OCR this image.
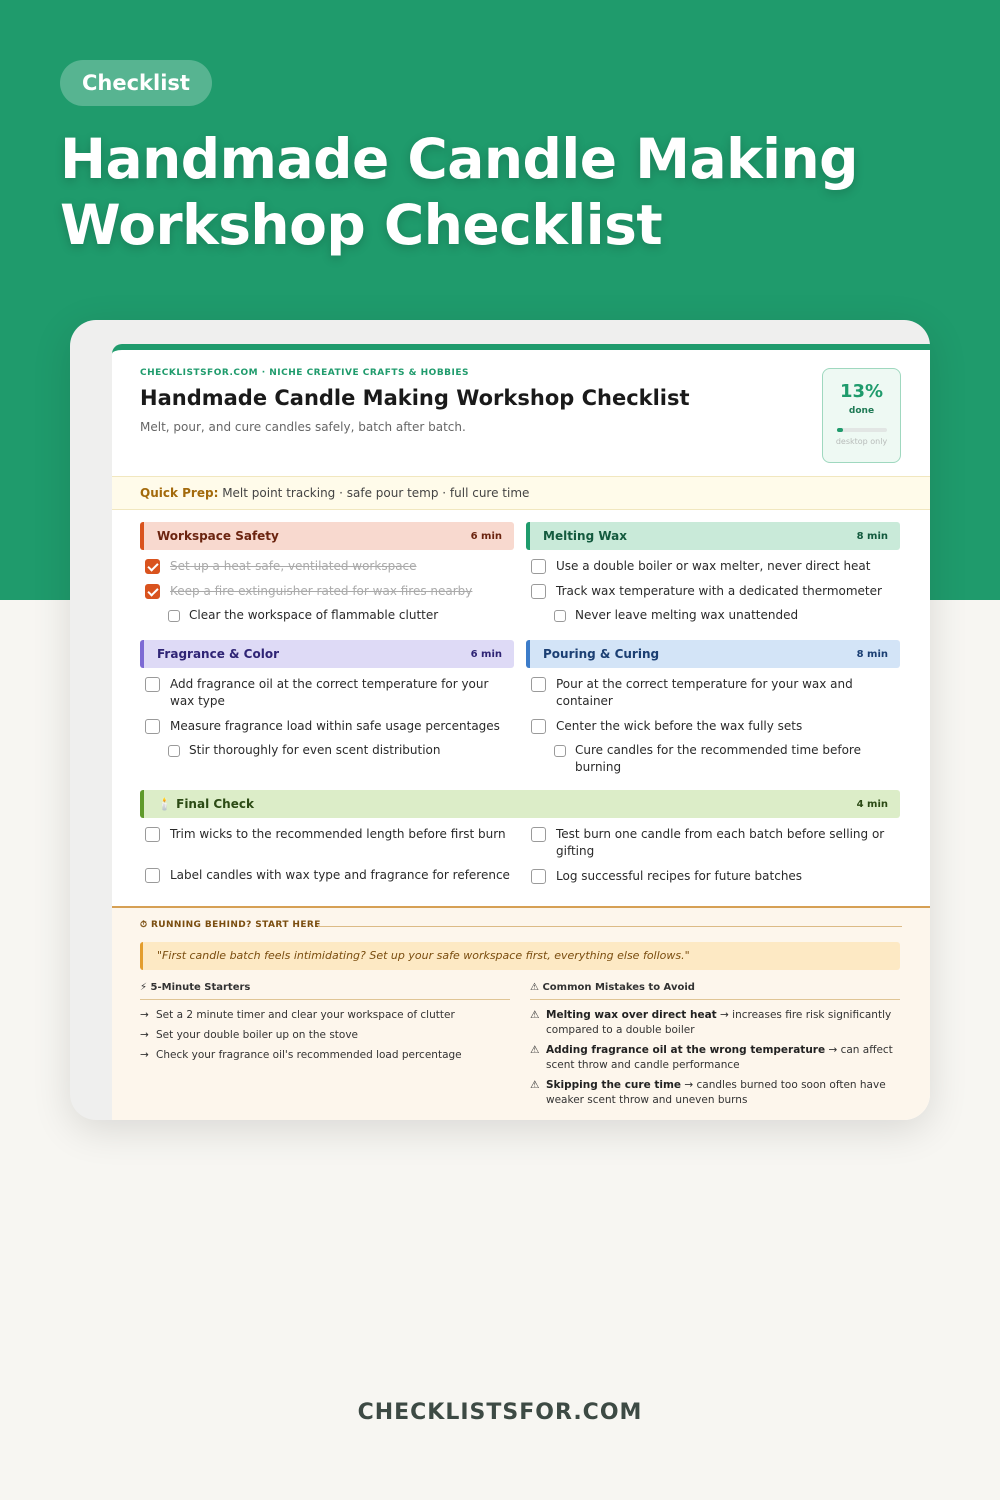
Checklist
Handmade Candle Making Workshop Checklist
CHECKLISTSFOR.COM · NICHE CREATIVE CRAFTS & HOBBIES
Handmade Candle Making Workshop Checklist
Melt, pour, and cure candles safely, batch after batch.
13%
done
desktop only
Quick Prep: Melt point tracking · safe pour temp · full cure time
Workspace Safety	6 min
Set up a heat-safe, ventilated workspace
Keep a fire extinguisher rated for wax fires nearby
Clear the workspace of flammable clutter
Melting Wax	8 min
Use a double boiler or wax melter, never direct heat
Track wax temperature with a dedicated thermometer
Never leave melting wax unattended
Fragrance & Color	6 min
Add fragrance oil at the correct temperature for your wax type
Measure fragrance load within safe usage percentages
Stir thoroughly for even scent distribution
Pouring & Curing	8 min
Pour at the correct temperature for your wax and container
Center the wick before the wax fully sets
Cure candles for the recommended time before burning
🕯️ Final Check	4 min
Trim wicks to the recommended length before first burn
Label candles with wax type and fragrance for reference
Test burn one candle from each batch before selling or gifting
Log successful recipes for future batches
⏱ RUNNING BEHIND? START HERE
"First candle batch feels intimidating? Set up your safe workspace first, everything else follows."
⚡ 5-Minute Starters
→ Set a 2 minute timer and clear your workspace of clutter
→ Set your double boiler up on the stove
→ Check your fragrance oil's recommended load percentage
⚠ Common Mistakes to Avoid
⚠ Melting wax over direct heat → increases fire risk significantly compared to a double boiler
⚠ Adding fragrance oil at the wrong temperature → can affect scent throw and candle performance
⚠ Skipping the cure time → candles burned too soon often have weaker scent throw and uneven burns
CHECKLISTSFOR.COM
